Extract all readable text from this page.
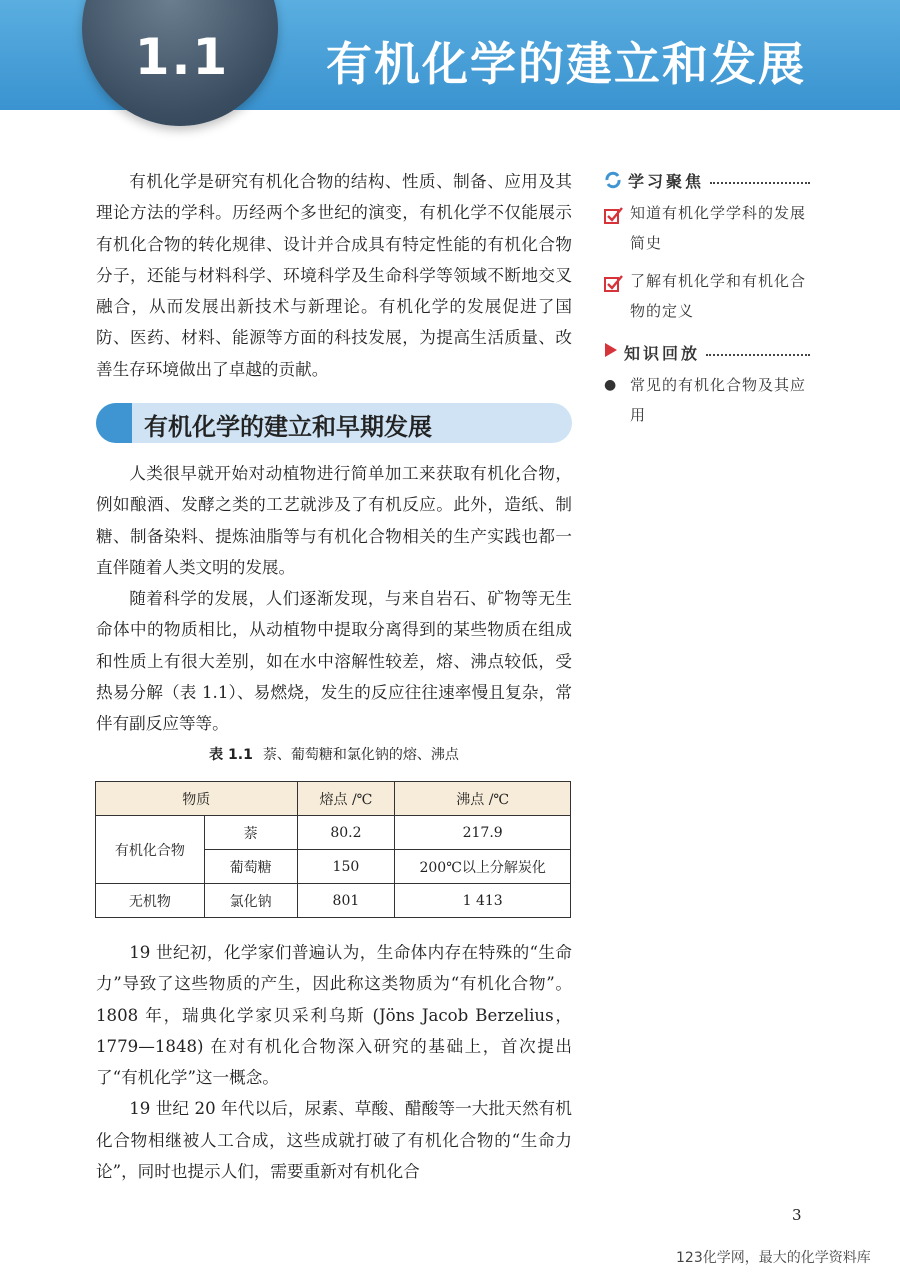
1.1	有机化学的建立和发展

有机化学是研究有机化合物的结构、性质、制备、应用及其理论方法的学科。历经两个多世纪的演变，有机化学不仅能展示有机化合物的转化规律、设计并合成具有特定性能的有机化合物分子，还能与材料科学、环境科学及生命科学等领域不断地交叉融合，从而发展出新技术与新理论。有机化学的发展促进了国防、医药、材料、能源等方面的科技发展，为提高生活质量、改善生存环境做出了卓越的贡献。

有机化学的建立和早期发展

人类很早就开始对动植物进行简单加工来获取有机化合物，例如酿酒、发酵之类的工艺就涉及了有机反应。此外，造纸、制糖、制备染料、提炼油脂等与有机化合物相关的生产实践也都一直伴随着人类文明的发展。

随着科学的发展，人们逐渐发现，与来自岩石、矿物等无生命体中的物质相比，从动植物中提取分离得到的某些物质在组成和性质上有很大差别，如在水中溶解性较差，熔、沸点较低，受热易分解（表 1.1）、易燃烧，发生的反应往往速率慢且复杂，常伴有副反应等等。

表 1.1 萘、葡萄糖和氯化钠的熔、沸点
物质		熔点 /℃	沸点 /℃
有机化合物	萘	80.2	217.9
	葡萄糖	150	200℃以上分解炭化
无机物	氯化钠	801	1 413

19 世纪初，化学家们普遍认为，生命体内存在特殊的“生命力”导致了这些物质的产生，因此称这类物质为“有机化合物”。1808 年，瑞典化学家贝采利乌斯 (Jöns Jacob Berzelius，1779—1848) 在对有机化合物深入研究的基础上，首次提出了“有机化学”这一概念。

19 世纪 20 年代以后，尿素、草酸、醋酸等一大批天然有机化合物相继被人工合成，这些成就打破了有机化合物的“生命力论”，同时也提示人们，需要重新对有机化合

学习聚焦
知道有机化学学科的发展简史
了解有机化学和有机化合物的定义
知识回放
● 常见的有机化合物及其应用
3
123化学网，最大的化学资料库
